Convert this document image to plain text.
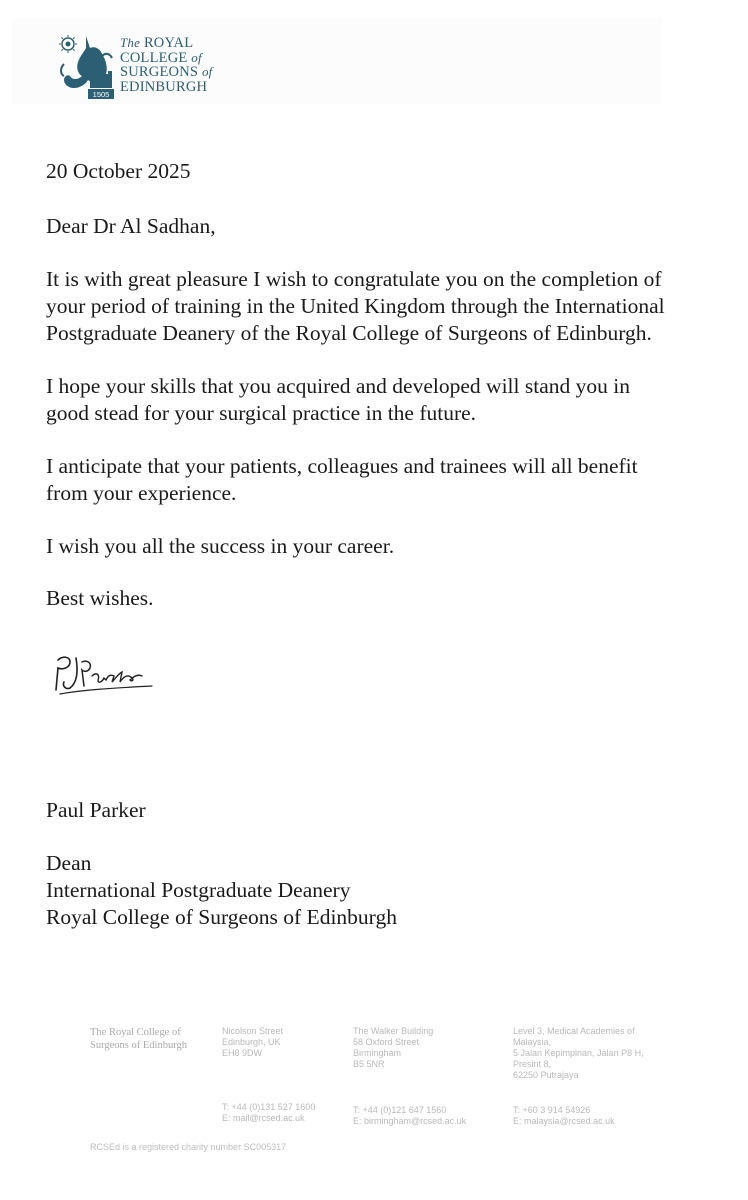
1505
The ROYAL
COLLEGE of
SURGEONS of
EDINBURGH
20 October 2025
Dear Dr Al Sadhan,
It is with great pleasure I wish to congratulate you on the completion of
your period of training in the United Kingdom through the International
Postgraduate Deanery of the Royal College of Surgeons of Edinburgh.
I hope your skills that you acquired and developed will stand you in
good stead for your surgical practice in the future.
I anticipate that your patients, colleagues and trainees will all benefit
from your experience.
I wish you all the success in your career.
Best wishes.
Paul Parker
Dean
International Postgraduate Deanery
Royal College of Surgeons of Edinburgh
The Royal College of
Surgeons of Edinburgh
Nicolson Street
Edinburgh, UK
EH8 9DW
T: +44 (0)131 527 1600
E: mail@rcsed.ac.uk
The Walker Building
58 Oxford Street
Birmingham
B5 5NR
T: +44 (0)121 647 1560
E: birmingham@rcsed.ac.uk
Level 3, Medical Academies of
Malaysia,
5 Jalan Kepimpinan, Jalan P8 H,
Presint 8,
62250 Putrajaya
T: +60 3 914 54926
E: malaysia@rcsed.ac.uk
RCSEd is a registered charity number SC005317
